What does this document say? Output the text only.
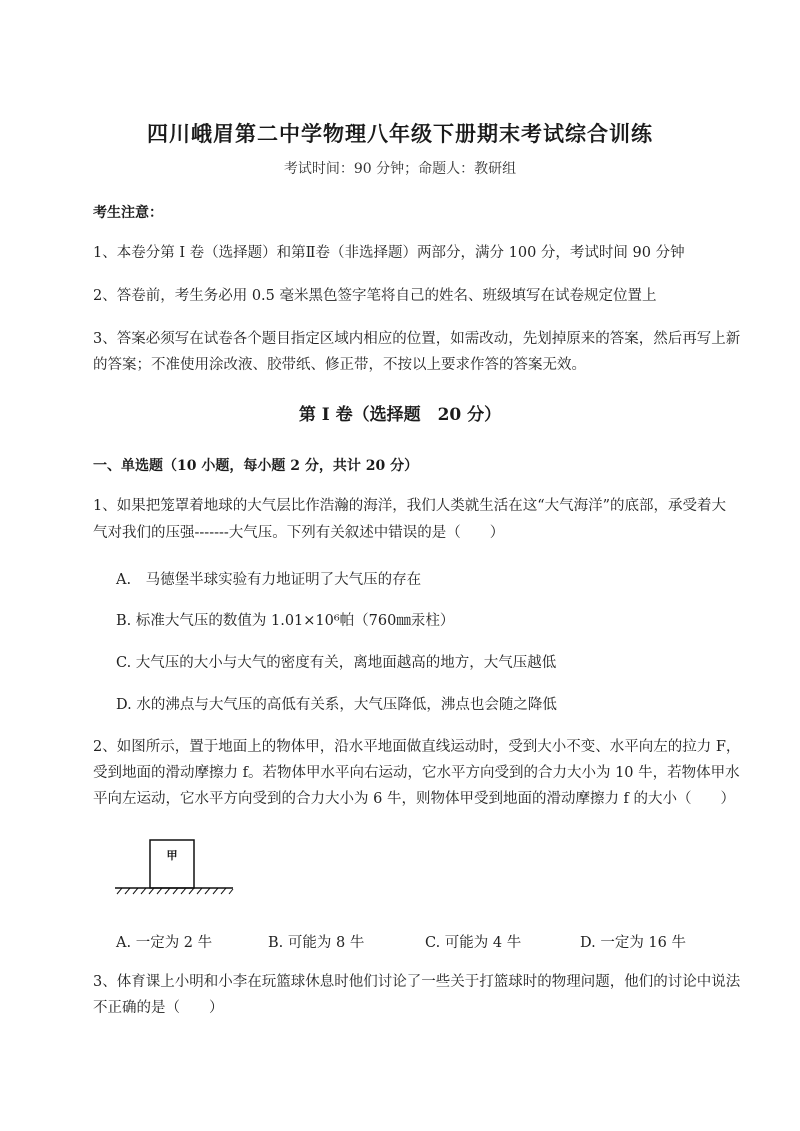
四川峨眉第二中学物理八年级下册期末考试综合训练
考试时间：90 分钟；命题人：教研组
考生注意：
1、本卷分第 I 卷（选择题）和第Ⅱ卷（非选择题）两部分，满分 100 分，考试时间 90 分钟
2、答卷前，考生务必用 0.5 毫米黑色签字笔将自己的姓名、班级填写在试卷规定位置上
3、答案必须写在试卷各个题目指定区域内相应的位置，如需改动，先划掉原来的答案，然后再写上新
的答案；不准使用涂改液、胶带纸、修正带，不按以上要求作答的答案无效。
第 I 卷（选择题　20 分）
一、单选题（10 小题，每小题 2 分，共计 20 分）
1、如果把笼罩着地球的大气层比作浩瀚的海洋，我们人类就生活在这“大气海洋”的底部，承受着大
气对我们的压强-------大气压。下列有关叙述中错误的是（　　）
A.　马德堡半球实验有力地证明了大气压的存在
B. 标准大气压的数值为 1.01×10⁶帕（760㎜汞柱）
C. 大气压的大小与大气的密度有关，离地面越高的地方，大气压越低
D. 水的沸点与大气压的高低有关系，大气压降低，沸点也会随之降低
2、如图所示，置于地面上的物体甲，沿水平地面做直线运动时，受到大小不变、水平向左的拉力 F，
受到地面的滑动摩擦力 f。若物体甲水平向右运动，它水平方向受到的合力大小为 10 牛，若物体甲水
平向左运动，它水平方向受到的合力大小为 6 牛，则物体甲受到地面的滑动摩擦力 f 的大小（　　）
甲
A. 一定为 2 牛	B. 可能为 8 牛	C. 可能为 4 牛	D. 一定为 16 牛
3、体育课上小明和小李在玩篮球休息时他们讨论了一些关于打篮球时的物理问题，他们的讨论中说法
不正确的是（　　）
